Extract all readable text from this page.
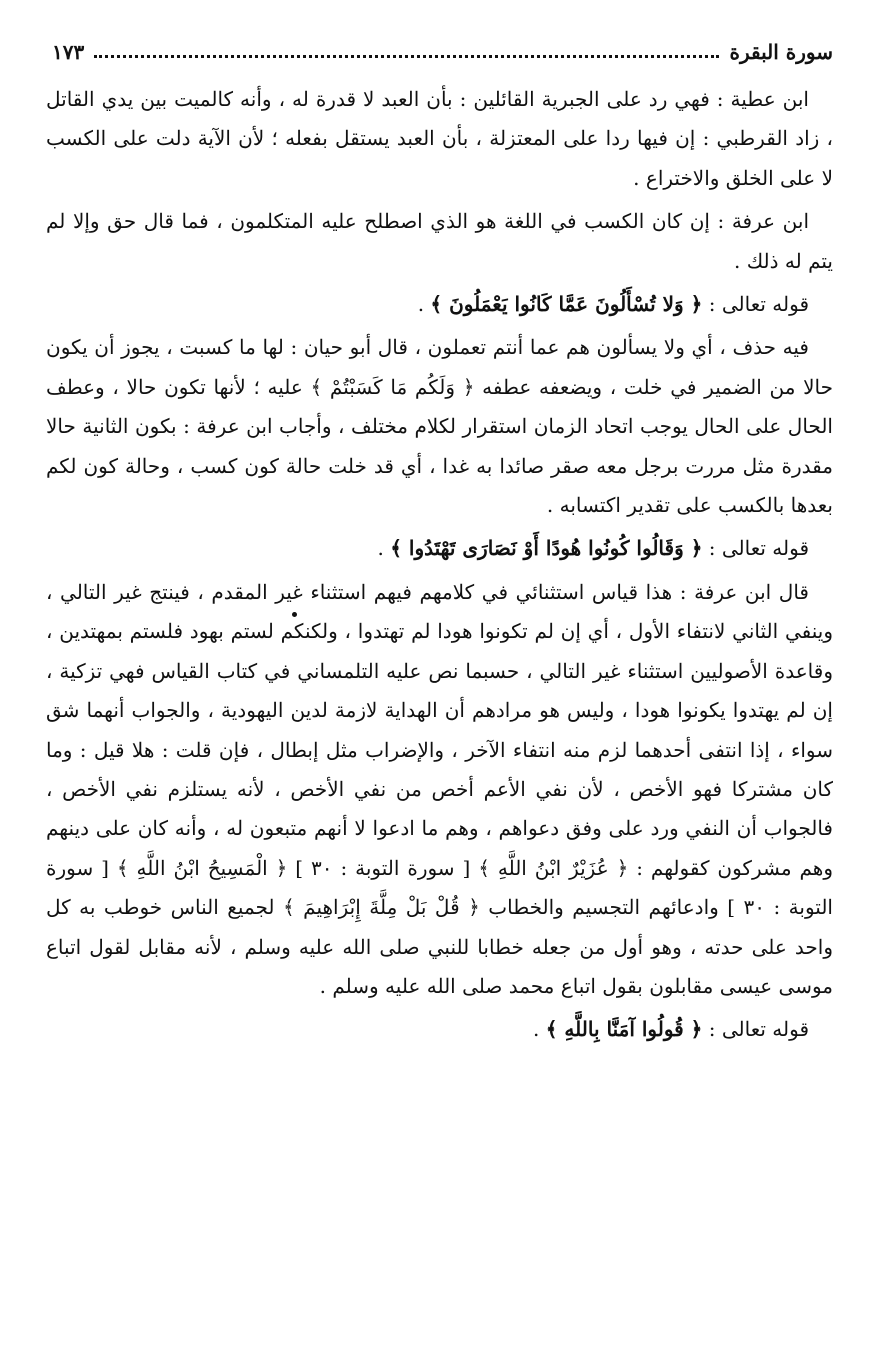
سورة البقرة
١٧٣

ابن عطية : فهي رد على الجبرية القائلين : بأن العبد لا قدرة له ، وأنه كالميت بين يدي القاتل ، زاد القرطبي : إن فيها ردا على المعتزلة ، بأن العبد يستقل بفعله ؛ لأن الآية دلت على الكسب لا على الخلق والاختراع .

ابن عرفة : إن كان الكسب في اللغة هو الذي اصطلح عليه المتكلمون ، فما قال حق وإلا لم يتم له ذلك .

قوله تعالى : ﴿ وَلا تُسْأَلُونَ عَمَّا كَانُوا يَعْمَلُونَ ﴾ .

فيه حذف ، أي ولا يسألون هم عما أنتم تعملون ، قال أبو حيان : لها ما كسبت ، يجوز أن يكون حالا من الضمير في خلت ، ويضعفه عطفه ﴿ وَلَكُم مَا كَسَبْتُمْ ﴾ عليه ؛ لأنها تكون حالا ، وعطف الحال على الحال يوجب اتحاد الزمان استقرار لكلام مختلف ، وأجاب ابن عرفة : بكون الثانية حالا مقدرة مثل مررت برجل معه صقر صائدا به غدا ، أي قد خلت حالة كون كسب ، وحالة كون لكم بعدها بالكسب على تقدير اكتسابه .

قوله تعالى : ﴿ وَقَالُوا كُونُوا هُودًا أَوْ نَصَارَى تَهْتَدُوا ﴾ .

قال ابن عرفة : هذا قياس استثنائي في كلامهم فيهم استثناء غير المقدم ، فينتج غير التالي ، وينفي الثاني لانتفاء الأول ، أي إن لم تكونوا هودا لم تهتدوا ، ولكنكم لستم بهود فلستم بمهتدين ، وقاعدة الأصوليين استثناء غير التالي ، حسبما نص عليه التلمساني في كتاب القياس فهي تزكية ، إن لم يهتدوا يكونوا هودا ، وليس هو مرادهم أن الهداية لازمة لدين اليهودية ، والجواب أنهما شق سواء ، إذا انتفى أحدهما لزم منه انتفاء الآخر ، والإضراب مثل إبطال ، فإن قلت : هلا قيل : وما كان مشتركا فهو الأخص ، لأن نفي الأعم أخص من نفي الأخص ، لأنه يستلزم نفي الأخص ، فالجواب أن النفي ورد على وفق دعواهم ، وهم ما ادعوا لا أنهم متبعون له ، وأنه كان على دينهم وهم مشركون كقولهم : ﴿ عُزَيْرٌ ابْنُ اللَّهِ ﴾ [ سورة التوبة : ٣٠ ] ﴿ الْمَسِيحُ ابْنُ اللَّهِ ﴾ [ سورة التوبة : ٣٠ ] وادعائهم التجسيم والخطاب ﴿ قُلْ بَلْ مِلَّةَ إِبْرَاهِيمَ ﴾ لجميع الناس خوطب به كل واحد على حدته ، وهو أول من جعله خطابا للنبي صلى الله عليه وسلم ، لأنه مقابل لقول اتباع موسى عيسى مقابلون بقول اتباع محمد صلى الله عليه وسلم .

قوله تعالى : ﴿ قُولُوا آمَنَّا بِاللَّهِ ﴾ .
